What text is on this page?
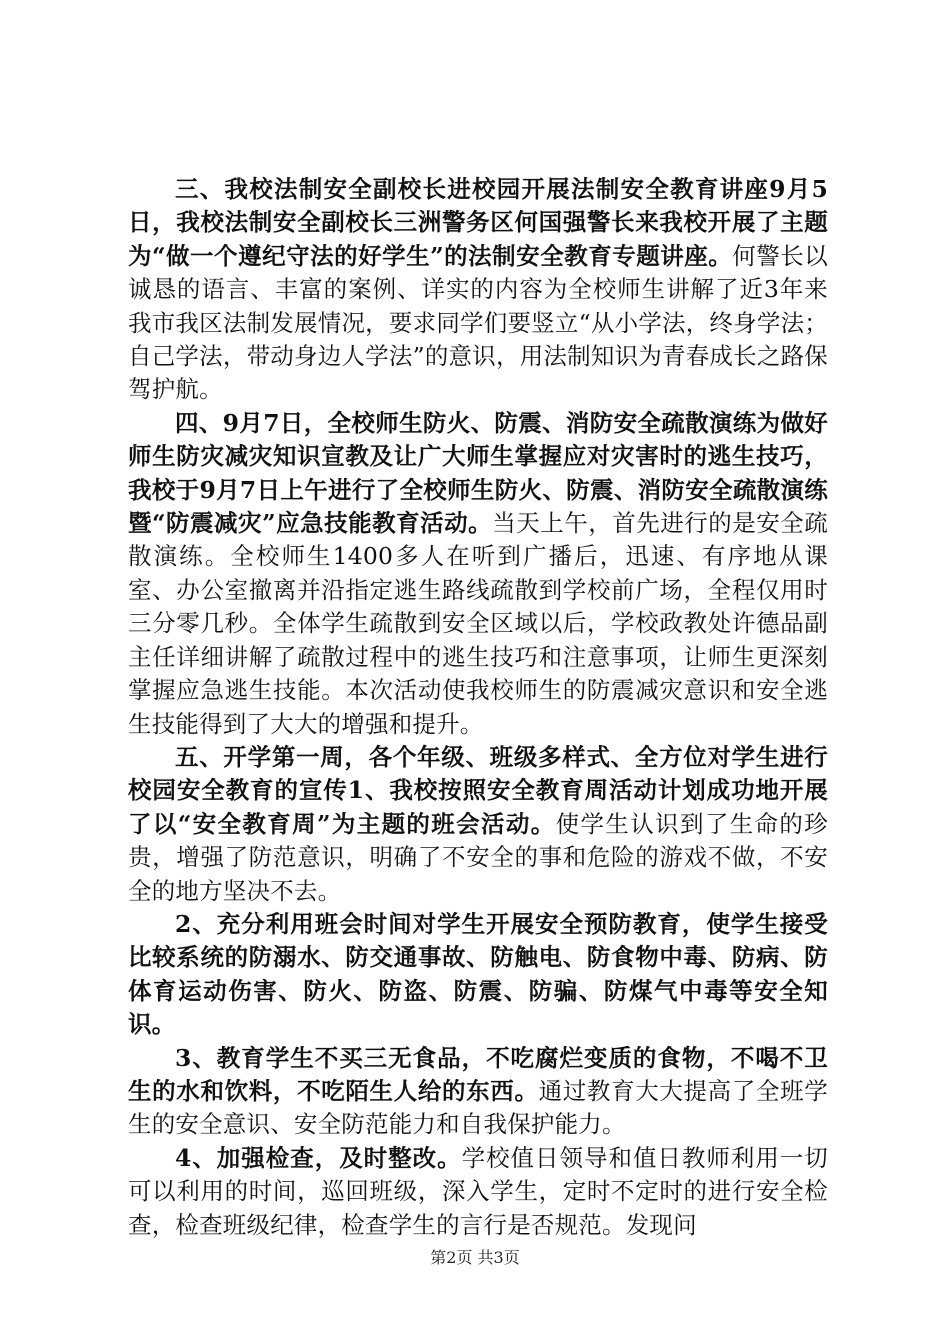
三、我校法制安全副校长进校园开展法制安全教育讲座9月5日，我校法制安全副校长三洲警务区何国强警长来我校开展了主题为“做一个遵纪守法的好学生”的法制安全教育专题讲座。何警长以诚恳的语言、丰富的案例、详实的内容为全校师生讲解了近3年来我市我区法制发展情况，要求同学们要竖立“从小学法，终身学法；自己学法，带动身边人学法”的意识，用法制知识为青春成长之路保驾护航。

四、9月7日，全校师生防火、防震、消防安全疏散演练为做好师生防灾减灾知识宣教及让广大师生掌握应对灾害时的逃生技巧，我校于9月7日上午进行了全校师生防火、防震、消防安全疏散演练暨“防震减灾”应急技能教育活动。当天上午，首先进行的是安全疏散演练。全校师生1400多人在听到广播后，迅速、有序地从课室、办公室撤离并沿指定逃生路线疏散到学校前广场，全程仅用时三分零几秒。全体学生疏散到安全区域以后，学校政教处许德品副主任详细讲解了疏散过程中的逃生技巧和注意事项，让师生更深刻掌握应急逃生技能。本次活动使我校师生的防震减灾意识和安全逃生技能得到了大大的增强和提升。

五、开学第一周，各个年级、班级多样式、全方位对学生进行校园安全教育的宣传1、我校按照安全教育周活动计划成功地开展了以“安全教育周”为主题的班会活动。使学生认识到了生命的珍贵，增强了防范意识，明确了不安全的事和危险的游戏不做，不安全的地方坚决不去。

2、充分利用班会时间对学生开展安全预防教育，使学生接受比较系统的防溺水、防交通事故、防触电、防食物中毒、防病、防体育运动伤害、防火、防盗、防震、防骗、防煤气中毒等安全知识。

3、教育学生不买三无食品，不吃腐烂变质的食物，不喝不卫生的水和饮料，不吃陌生人给的东西。通过教育大大提高了全班学生的安全意识、安全防范能力和自我保护能力。

4、加强检查，及时整改。学校值日领导和值日教师利用一切可以利用的时间，巡回班级，深入学生，定时不定时的进行安全检查，检查班级纪律，检查学生的言行是否规范。发现问

第2页 共3页
